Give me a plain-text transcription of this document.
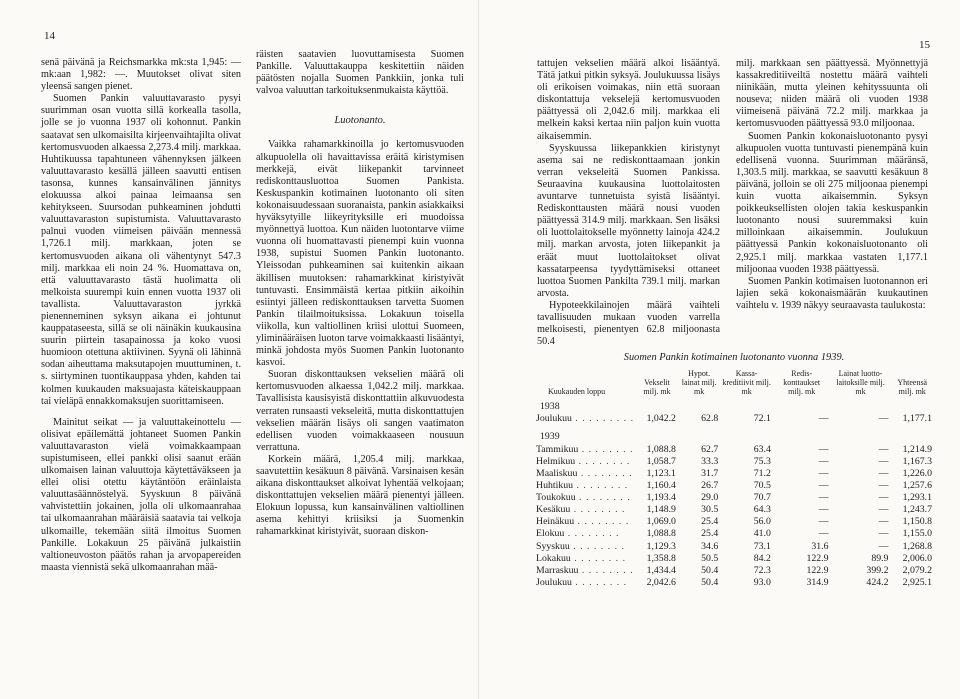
14

senä päivänä ja Reichsmarkka mk:sta 1,945: — mk:aan 1,982: —. Muutokset olivat siten yleensä sangen pienet.

Suomen Pankin valuuttavarasto pysyi suurimman osan vuotta sillä korkealla tasolla, jolle se jo vuonna 1937 oli kohonnut. Pankin saatavat sen ulkomaisilta kirjeenvaihtajilta olivat kertomusvuoden alkaessa 2,273.4 milj. markkaa. Huhtikuussa tapahtuneen vähennyksen jälkeen valuuttavarasto kesällä jälleen saavutti entisen tasonsa, kunnes kansainvälinen jännitys elokuussa alkoi painaa leimaansa sen kehitykseen. Suursodan puhkeaminen johdutti valuuttavaraston supistumista. Valuuttavarasto palnui vuoden viimeisen päivään mennessä 1,726.1 milj. markkaan, joten se kertomusvuoden aikana oli vähentynyt 547.3 milj. markkaa eli noin 24 %. Huomattava on, että valuuttavarasto tästä huolimatta oli melkoista suurempi kuin ennen vuotta 1937 oli tavallista. Valuuttavaraston jyrkkä pienenneminen syksyn aikana ei johtunut kauppataseesta, sillä se oli näinäkin kuukausina suurin piirtein tasapainossa ja koko vuosi huomioon otettuna aktiivinen. Syynä oli lähinnä sodan aiheuttama maksutapojen muuttuminen, t. s. siirtyminen tuontikauppasa yhden, kahden tai kolmen kuukauden maksuajasta käteiskauppaan tai vieläpä ennakkomaksujen suorittamiseen.

Mainitut seikat — ja valuuttakeinottelu — olisivat epäilemättä johtaneet Suomen Pankin valuuttavaraston vielä voimakkaampaan supistumiseen, ellei pankki olisi saanut erään ulkomaisen lainan valuuttoja käytettäväkseen ja ellei olisi otettu käytäntöön eräinlaista valuuttasäännöstelyä. Syyskuun 8 päivänä vahvistettiin jokainen, jolla oli ulkomaanrahaa tai ulkomaanrahan määräisiä saatavia tai velkoja ulkomaille, tekemään siitä ilmoitus Suomen Pankille. Lokakuun 25 päivänä julkaistiin valtioneuvoston päätös rahan ja arvopapereiden maasta viennistä sekä ulkomaanrahan mää-

räisten saatavien luovuttamisesta Suomen Pankille. Valuuttakauppa keskitettiin näiden päätösten nojalla Suomen Pankkiin, jonka tuli valvoa valuuttan tarkoituksenmukaista käyttöä.

Luotonanto.

Vaikka rahamarkkinoilla jo kertomusvuoden alkupuolella oli havaittavissa eräitä kiristymisen merkkejä, eivät liikepankit tarvinneet rediskonttausluottoa Suomen Pankista. Keskuspankin kotimainen luotonanto oli siten kokonaisuudessaan suoranaista, pankin asiakkaiksi hyväksytyille liikeyrityksille eri muodoissa myönnettyä luottoa. Kun näiden luotontarve viime vuonna oli huomattavasti pienempi kuin vuonna 1938, supistui Suomen Pankin luotonanto. Yleissodan puhkeaminen sai kuitenkin aikaan äkillisen muutoksen: rahamarkkinat kiristyivät tuntuvasti. Ensimmäistä kertaa pitkiin aikoihin esiintyi jälleen rediskonttauksen tarvetta Suomen Pankin tilailmoituksissa. Lokakuun toisella viikolla, kun valtiollinen kriisi ulottui Suomeen, yliminääräisen luoton tarve voimakkaasti lisääntyi, minkä johdosta myös Suomen Pankin luotonanto kasvoi.

Suoran diskonttauksen vekselien määrä oli kertomusvuoden alkaessa 1,042.2 milj. markkaa. Tavallisista kausisyistä diskonttattiin alkuvuodesta verraten runsaasti vekseleitä, mutta diskonttattujen vekselien määrän lisäys oli sangen vaatimaton edellisen vuoden voimakkaaseen nousuun verrattuna.

Korkein määrä, 1,205.4 milj. markkaa, saavutettiin kesäkuun 8 päivänä. Varsinaisen kesän aikana diskonttaukset alkoivat lyhentää velkojaan; diskonttattujen vekselien määrä pienentyi jälleen. Elokuun lopussa, kun kansainvälinen valtiollinen asema kehittyi kriisiksi ja Suomenkin rahamarkkinat kiristyivät, suoraan diskon-

15

tattujen vekselien määrä alkoi lisääntyä. Tätä jatkui pitkin syksyä. Joulukuussa lisäys oli erikoisen voimakas, niin että suoraan diskontattuja vekselejä kertomusvuoden päättyessä oli 2,042.6 milj. markkaa eli melkein kaksi kertaa niin paljon kuin vuotta aikaisemmin.

Syyskuussa liikepankkien kiristynyt asema sai ne rediskonttaamaan jonkin verran vekseleitä Suomen Pankissa. Seuraavina kuukausina luottolaitosten avuntarve tunnetuista syistä lisääntyi. Rediskonttausten määrä nousi vuoden päättyessä 314.9 milj. markkaan. Sen lisäksi oli luottolaitokselle myönnetty lainoja 424.2 milj. markan arvosta, joten liikepankit ja eräät muut luottolaitokset olivat kassatarpeensa tyydyttämiseksi ottaneet luottoa Suomen Pankilta 739.1 milj. markan arvosta.

Hypoteekkilainojen määrä vaihteli tavallisuuden mukaan vuoden varrella melkoisesti, pienentyen 62.8 miljoonasta 50.4

milj. markkaan sen päättyessä. Myönnettyjä kassakreditiiveiltä nostettu määrä vaihteli niinikään, mutta yleinen kehityssuunta oli nouseva; niiden määrä oli vuoden 1938 viimeisenä päivänä 72.2 milj. markkaa ja kertomusvuoden päättyessä 93.0 miljoonaa.

Suomen Pankin kokonaisluotonanto pysyi alkupuolen vuotta tuntuvasti pienempänä kuin edellisenä vuonna. Suurimman määränsä, 1,303.5 milj. markkaa, se saavutti kesäkuun 8 päivänä, jolloin se oli 275 miljoonaa pienempi kuin vuotta aikaisemmin. Syksyn poikkeuksellisten olojen takia keskuspankin luotonanto nousi suuremmaksi kuin milloinkaan aikaisemmin. Joulukuun päättyessä Pankin kokonaisluotonanto oli 2,925.1 milj. markkaa vastaten 1,177.1 miljoonaa vuoden 1938 päättyessä.

Suomen Pankin kotimaisen luotonannon eri lajien sekä kokonaismäärän kuukautinen vaihtelu v. 1939 näkyy seuraavasta taulukosta:

Suomen Pankin kotimainen luotonanto vuonna 1939.
Kuukauden loppu	Vekselit milj. mk	Hypot. lainat milj. mk	Kassa-kreditiivit milj. mk	Redis-konttaukset milj. mk	Lainat luotto-laitoksille milj. mk	Yhteensä milj. mk
1938						
Joulukuu . . . . . . . . .	1,042.2	62.8	72.1	—	—	1,177.1

1939						
Tammikuu . . . . . . . .	1,088.8	62.7	63.4	—	—	1,214.9
Helmikuu . . . . . . . .	1,058.7	33.3	75.3	—	—	1,167.3
Maaliskuu . . . . . . . .	1,123.1	31.7	71.2	—	—	1,226.0
Huhtikuu . . . . . . . .	1,160.4	26.7	70.5	—	—	1,257.6
Toukokuu . . . . . . . .	1,193.4	29.0	70.7	—	—	1,293.1
Kesäkuu . . . . . . . .	1,148.9	30.5	64.3	—	—	1,243.7
Heinäkuu . . . . . . . .	1,069.0	25.4	56.0	—	—	1,150.8
Elokuu . . . . . . . .	1,088.8	25.4	41.0	—	—	1,155.0
Syyskuu . . . . . . . .	1,129.3	34.6	73.1	31.6	—	1,268.8
Lokakuu . . . . . . . .	1,358.8	50.5	84.2	122.9	89.9	2,006.0
Marraskuu . . . . . . . .	1,434.4	50.4	72.3	122.9	399.2	2,079.2
Joulukuu . . . . . . . .	2,042.6	50.4	93.0	314.9	424.2	2,925.1
